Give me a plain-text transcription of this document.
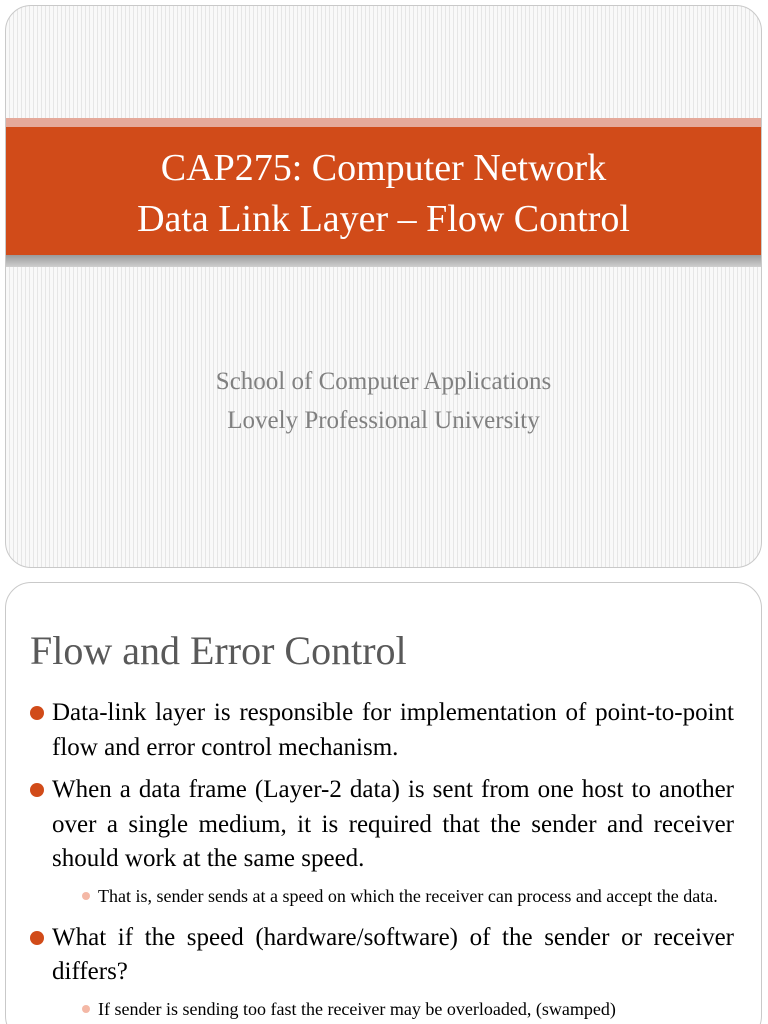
CAP275: Computer Network
Data Link Layer – Flow Control
School of Computer Applications
Lovely Professional University
Flow and Error Control
Data-link layer is responsible for implementation of point-to-point flow and error control mechanism.
When a data frame (Layer-2 data) is sent from one host to another over a single medium, it is required that the sender and receiver should work at the same speed.
That is, sender sends at a speed on which the receiver can process and accept the data.
What if the speed (hardware/software) of the sender or receiver differs?
If sender is sending too fast the receiver may be overloaded, (swamped)
